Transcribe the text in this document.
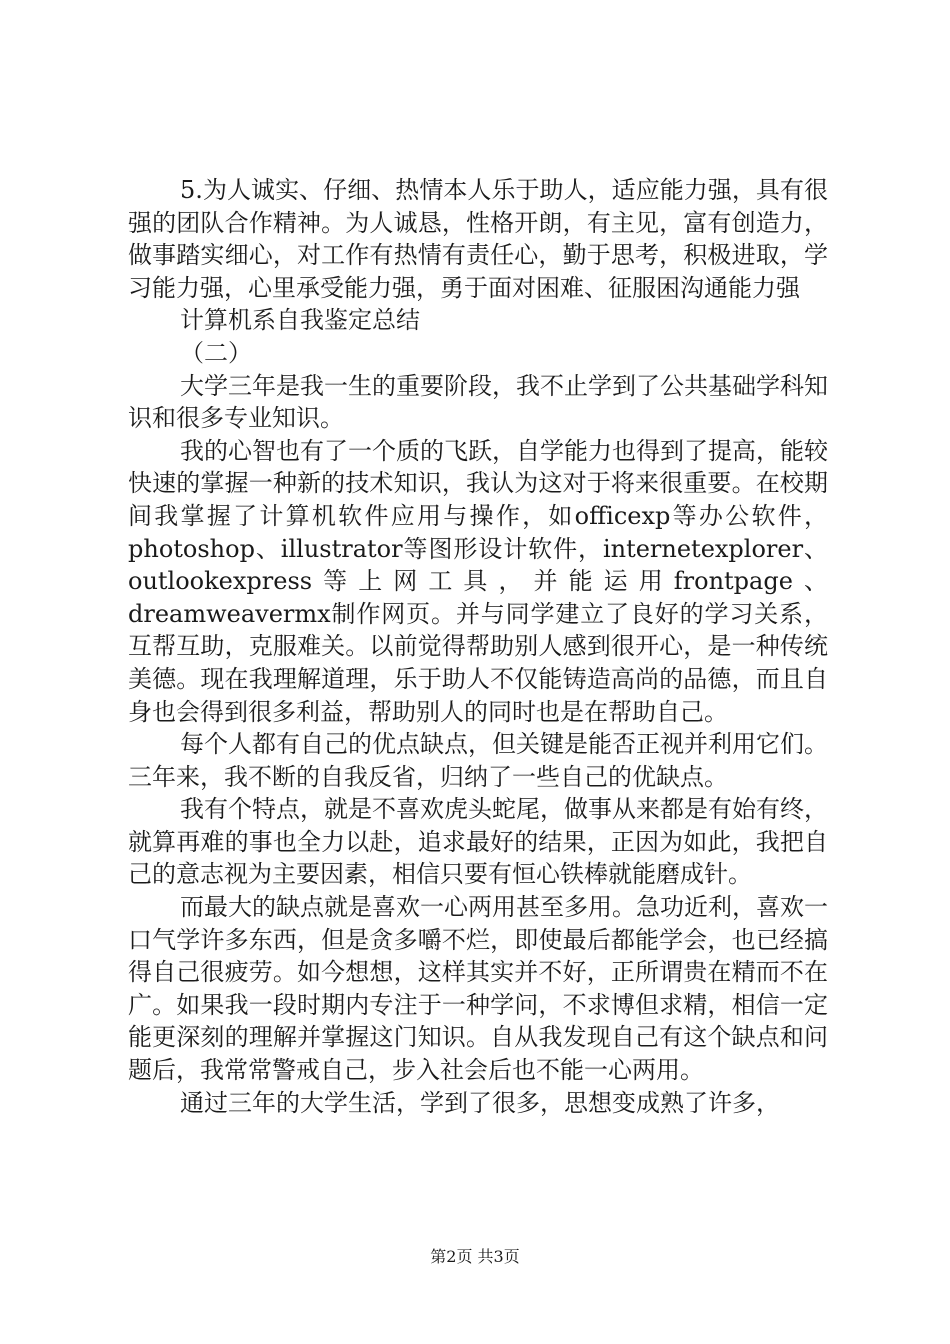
5.为人诚实、仔细、热情本人乐于助人，适应能力强，具有很强的团队合作精神。为人诚恳，性格开朗，有主见，富有创造力，做事踏实细心，对工作有热情有责任心，勤于思考，积极进取，学习能力强，心里承受能力强，勇于面对困难、征服困沟通能力强

计算机系自我鉴定总结

（二）

大学三年是我一生的重要阶段，我不止学到了公共基础学科知识和很多专业知识。

我的心智也有了一个质的飞跃，自学能力也得到了提高，能较快速的掌握一种新的技术知识，我认为这对于将来很重要。在校期间我掌握了计算机软件应用与操作，如officexp等办公软件，photoshop、illustrator等图形设计软件，internetexplorer、outlookexpress等上网工具，并能运用frontpage、dreamweavermx制作网页。并与同学建立了良好的学习关系，互帮互助，克服难关。以前觉得帮助别人感到很开心，是一种传统美德。现在我理解道理，乐于助人不仅能铸造高尚的品德，而且自身也会得到很多利益，帮助别人的同时也是在帮助自己。

每个人都有自己的优点缺点，但关键是能否正视并利用它们。三年来，我不断的自我反省，归纳了一些自己的优缺点。

我有个特点，就是不喜欢虎头蛇尾，做事从来都是有始有终，就算再难的事也全力以赴，追求最好的结果，正因为如此，我把自己的意志视为主要因素，相信只要有恒心铁棒就能磨成针。

而最大的缺点就是喜欢一心两用甚至多用。急功近利，喜欢一口气学许多东西，但是贪多嚼不烂，即使最后都能学会，也已经搞得自己很疲劳。如今想想，这样其实并不好，正所谓贵在精而不在广。如果我一段时期内专注于一种学问，不求博但求精，相信一定能更深刻的理解并掌握这门知识。自从我发现自己有这个缺点和问题后，我常常警戒自己，步入社会后也不能一心两用。

通过三年的大学生活，学到了很多，思想变成熟了许多，

第2页 共3页
